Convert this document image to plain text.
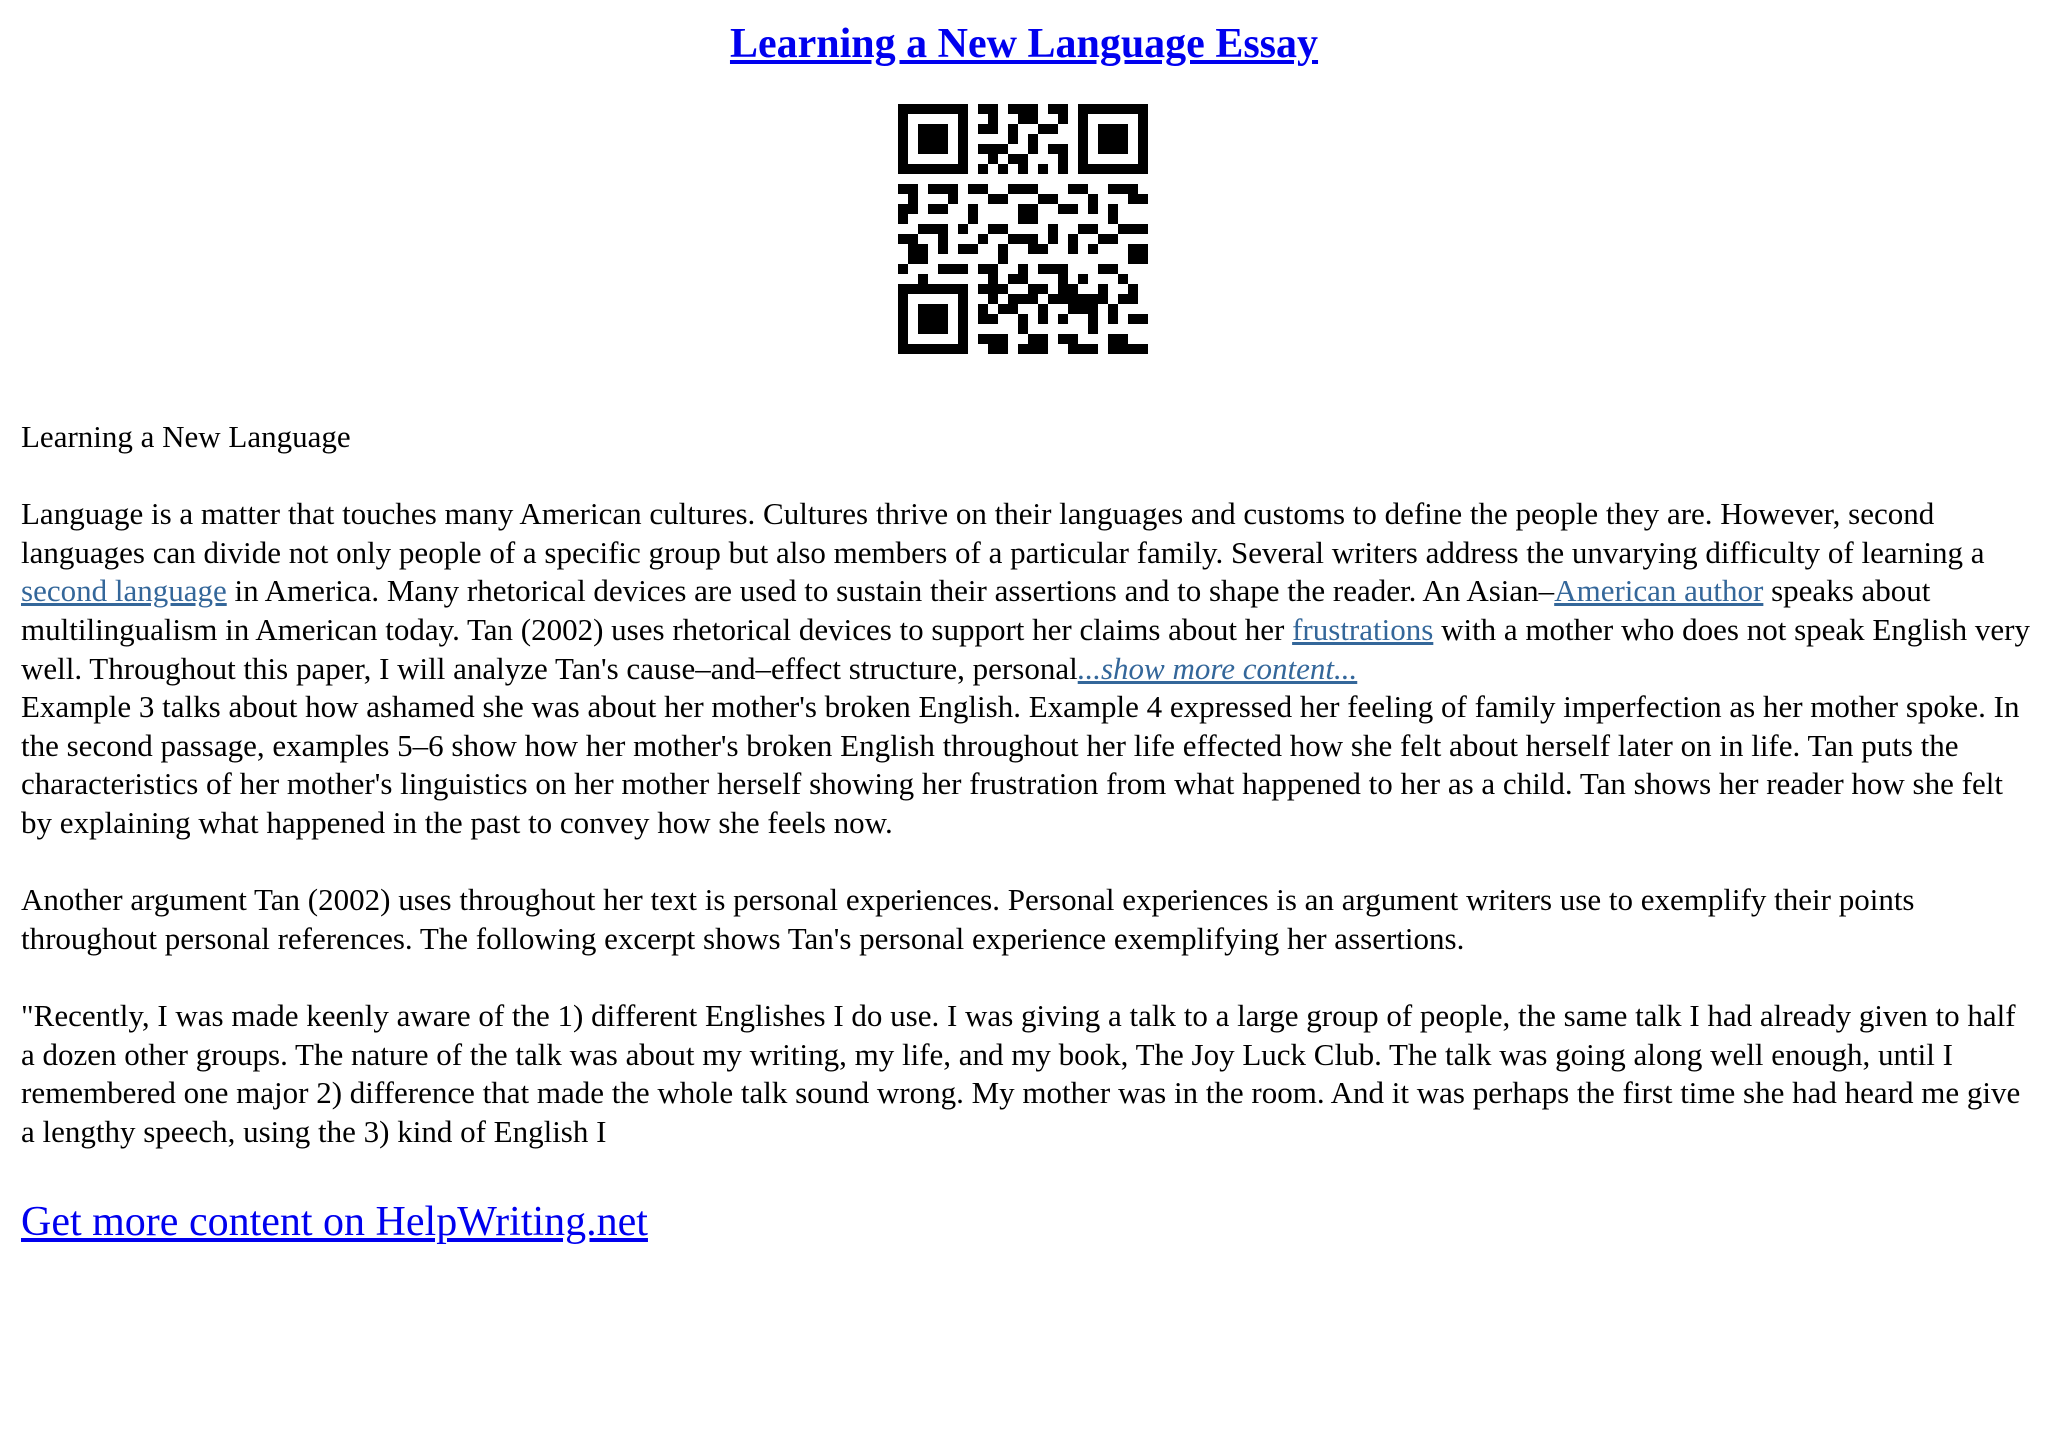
Learning a New Language Essay

Learning a New Language

Language is a matter that touches many American cultures. Cultures thrive on their languages and customs to define the people they are. However, second languages can divide not only people of a specific group but also members of a particular family. Several writers address the unvarying difficulty of learning a second language in America. Many rhetorical devices are used to sustain their assertions and to shape the reader. An Asian–American author speaks about multilingualism in American today. Tan (2002) uses rhetorical devices to support her claims about her frustrations with a mother who does not speak English very well. Throughout this paper, I will analyze Tan's cause–and–effect structure, personal...show more content...
Example 3 talks about how ashamed she was about her mother's broken English. Example 4 expressed her feeling of family imperfection as her mother spoke. In the second passage, examples 5–6 show how her mother's broken English throughout her life effected how she felt about herself later on in life. Tan puts the characteristics of her mother's linguistics on her mother herself showing her frustration from what happened to her as a child. Tan shows her reader how she felt by explaining what happened in the past to convey how she feels now.

Another argument Tan (2002) uses throughout her text is personal experiences. Personal experiences is an argument writers use to exemplify their points throughout personal references. The following excerpt shows Tan's personal experience exemplifying her assertions.

"Recently, I was made keenly aware of the 1) different Englishes I do use. I was giving a talk to a large group of people, the same talk I had already given to half a dozen other groups. The nature of the talk was about my writing, my life, and my book, The Joy Luck Club. The talk was going along well enough, until I remembered one major 2) difference that made the whole talk sound wrong. My mother was in the room. And it was perhaps the first time she had heard me give a lengthy speech, using the 3) kind of English I

Get more content on HelpWriting.net
